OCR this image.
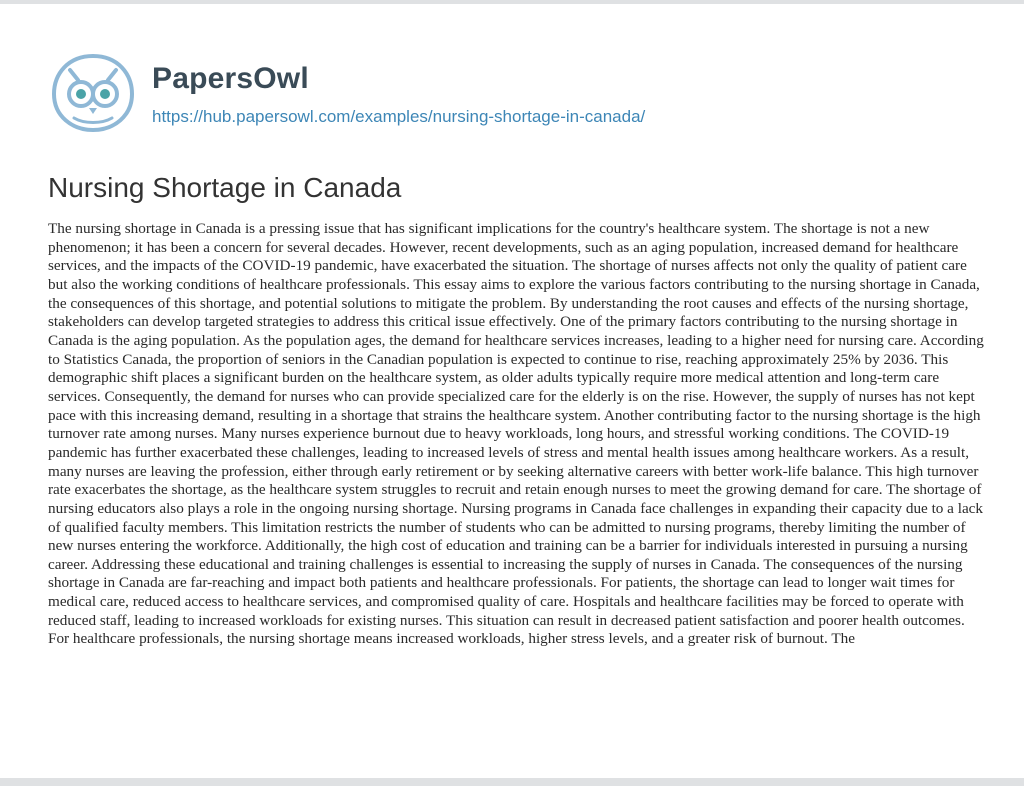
PapersOwl
https://hub.papersowl.com/examples/nursing-shortage-in-canada/
Nursing Shortage in Canada

The nursing shortage in Canada is a pressing issue that has significant implications for the country's healthcare system. The shortage is not a new phenomenon; it has been a concern for several decades. However, recent developments, such as an aging population, increased demand for healthcare services, and the impacts of the COVID-19 pandemic, have exacerbated the situation. The shortage of nurses affects not only the quality of patient care but also the working conditions of healthcare professionals. This essay aims to explore the various factors contributing to the nursing shortage in Canada, the consequences of this shortage, and potential solutions to mitigate the problem. By understanding the root causes and effects of the nursing shortage, stakeholders can develop targeted strategies to address this critical issue effectively. One of the primary factors contributing to the nursing shortage in Canada is the aging population. As the population ages, the demand for healthcare services increases, leading to a higher need for nursing care. According to Statistics Canada, the proportion of seniors in the Canadian population is expected to continue to rise, reaching approximately 25% by 2036. This demographic shift places a significant burden on the healthcare system, as older adults typically require more medical attention and long-term care services. Consequently, the demand for nurses who can provide specialized care for the elderly is on the rise. However, the supply of nurses has not kept pace with this increasing demand, resulting in a shortage that strains the healthcare system. Another contributing factor to the nursing shortage is the high turnover rate among nurses. Many nurses experience burnout due to heavy workloads, long hours, and stressful working conditions. The COVID-19 pandemic has further exacerbated these challenges, leading to increased levels of stress and mental health issues among healthcare workers. As a result, many nurses are leaving the profession, either through early retirement or by seeking alternative careers with better work-life balance. This high turnover rate exacerbates the shortage, as the healthcare system struggles to recruit and retain enough nurses to meet the growing demand for care. The shortage of nursing educators also plays a role in the ongoing nursing shortage. Nursing programs in Canada face challenges in expanding their capacity due to a lack of qualified faculty members. This limitation restricts the number of students who can be admitted to nursing programs, thereby limiting the number of new nurses entering the workforce. Additionally, the high cost of education and training can be a barrier for individuals interested in pursuing a nursing career. Addressing these educational and training challenges is essential to increasing the supply of nurses in Canada. The consequences of the nursing shortage in Canada are far-reaching and impact both patients and healthcare professionals. For patients, the shortage can lead to longer wait times for medical care, reduced access to healthcare services, and compromised quality of care. Hospitals and healthcare facilities may be forced to operate with reduced staff, leading to increased workloads for existing nurses. This situation can result in decreased patient satisfaction and poorer health outcomes. For healthcare professionals, the nursing shortage means increased workloads, higher stress levels, and a greater risk of burnout. The
